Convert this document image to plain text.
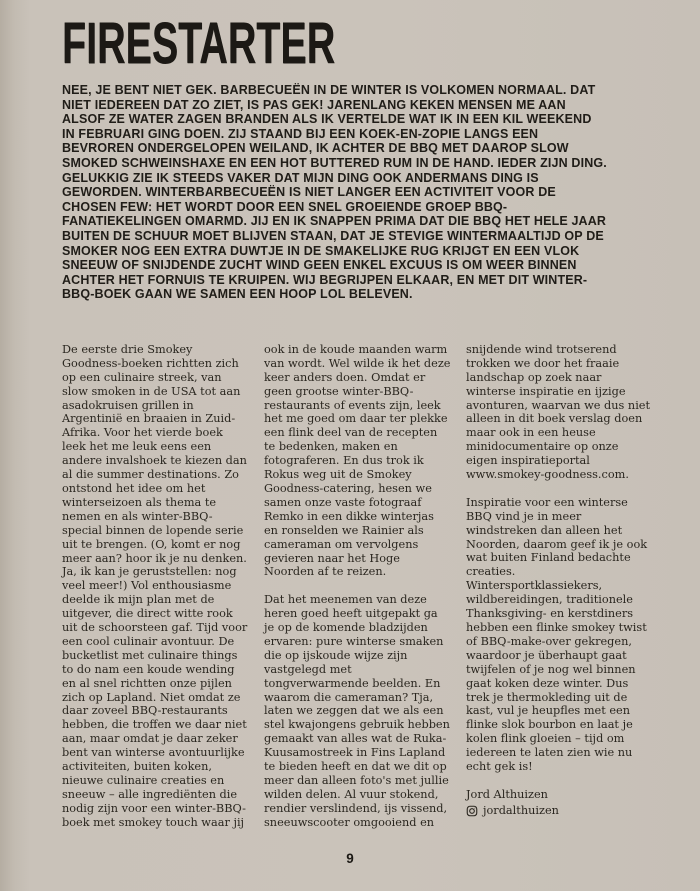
FIRESTARTER

NEE, JE BENT NIET GEK. BARBECUEËN IN DE WINTER IS VOLKOMEN NORMAAL. DAT NIET IEDEREEN DAT ZO ZIET, IS PAS GEK! JARENLANG KEKEN MENSEN ME AAN ALSOF ZE WATER ZAGEN BRANDEN ALS IK VERTELDE WAT IK IN EEN KIL WEEKEND IN FEBRUARI GING DOEN. ZIJ STAAND BIJ EEN KOEK-EN-ZOPIE LANGS EEN BEVROREN ONDERGELOPEN WEILAND, IK ACHTER DE BBQ MET DAAROP SLOW SMOKED SCHWEINSHAXE EN EEN HOT BUTTERED RUM IN DE HAND. IEDER ZIJN DING. GELUKKIG ZIE IK STEEDS VAKER DAT MIJN DING OOK ANDERMANS DING IS GEWORDEN. WINTERBARBECUEËN IS NIET LANGER EEN ACTIVITEIT VOOR DE CHOSEN FEW: HET WORDT DOOR EEN SNEL GROEIENDE GROEP BBQ-FANATIEKELINGEN OMARMD. JIJ EN IK SNAPPEN PRIMA DAT DIE BBQ HET HELE JAAR BUITEN DE SCHUUR MOET BLIJVEN STAAN, DAT JE STEVIGE WINTERMAALTIJD OP DE SMOKER NOG EEN EXTRA DUWTJE IN DE SMAKELIJKE RUG KRIJGT EN EEN VLOK SNEEUW OF SNIJDENDE ZUCHT WIND GEEN ENKEL EXCUUS IS OM WEER BINNEN ACHTER HET FORNUIS TE KRUIPEN. WIJ BEGRIJPEN ELKAAR, EN MET DIT WINTER-BBQ-BOEK GAAN WE SAMEN EEN HOOP LOL BELEVEN.

De eerste drie Smokey Goodness-boeken richtten zich op een culinaire streek, van slow smoken in de USA tot aan asadokruisen grillen in Argentinië en braaien in Zuid-Afrika. Voor het vierde boek leek het me leuk eens een andere invalshoek te kiezen dan al die summer destinations. Zo ontstond het idee om het winterseizoen als thema te nemen en als winter-BBQ-special binnen de lopende serie uit te brengen. (O, komt er nog meer aan? hoor ik je nu denken. Ja, ik kan je geruststellen: nog veel meer!) Vol enthousiasme deelde ik mijn plan met de uitgever, die direct witte rook uit de schoorsteen gaf. Tijd voor een cool culinair avontuur. De bucketlist met culinaire things to do nam een koude wending en al snel richtten onze pijlen zich op Lapland. Niet omdat ze daar zoveel BBQ-restaurants hebben, die troffen we daar niet aan, maar omdat je daar zeker bent van winterse avontuurlijke activiteiten, buiten koken, nieuwe culinaire creaties en sneeuw – alle ingrediënten die nodig zijn voor een winter-BBQ-boek met smokey touch waar jij

ook in de koude maanden warm van wordt. Wel wilde ik het deze keer anders doen. Omdat er geen grootse winter-BBQ-restaurants of events zijn, leek het me goed om daar ter plekke een flink deel van de recepten te bedenken, maken en fotograferen. En dus trok ik Rokus weg uit de Smokey Goodness-catering, hesen we samen onze vaste fotograaf Remko in een dikke winterjas en ronselden we Rainier als cameraman om vervolgens gevieren naar het Hoge Noorden af te reizen.

Dat het meenemen van deze heren goed heeft uitgepakt ga je op de komende bladzijden ervaren: pure winterse smaken die op ijskoude wijze zijn vastgelegd met tongverwarmende beelden. En waarom die cameraman? Tja, laten we zeggen dat we als een stel kwajongens gebruik hebben gemaakt van alles wat de Ruka-Kuusamostreek in Fins Lapland te bieden heeft en dat we dit op meer dan alleen foto's met jullie wilden delen. Al vuur stokend, rendier verslindend, ijs vissend, sneeuwscooter omgooiend en

snijdende wind trotserend trokken we door het fraaie landschap op zoek naar winterse inspiratie en ijzige avonturen, waarvan we dus niet alleen in dit boek verslag doen maar ook in een heuse minidocumentaire op onze eigen inspiratieportal www.smokey-goodness.com.

Inspiratie voor een winterse BBQ vind je in meer windstreken dan alleen het Noorden, daarom geef ik je ook wat buiten Finland bedachte creaties. Wintersportklassiekers, wildbereidingen, traditionele Thanksgiving- en kerstdiners hebben een flinke smokey twist of BBQ-make-over gekregen, waardoor je überhaupt gaat twijfelen of je nog wel binnen gaat koken deze winter. Dus trek je thermokleding uit de kast, vul je heupfles met een flinke slok bourbon en laat je kolen flink gloeien – tijd om iedereen te laten zien wie nu echt gek is!

Jord Althuizen
jordalthuizen
9
